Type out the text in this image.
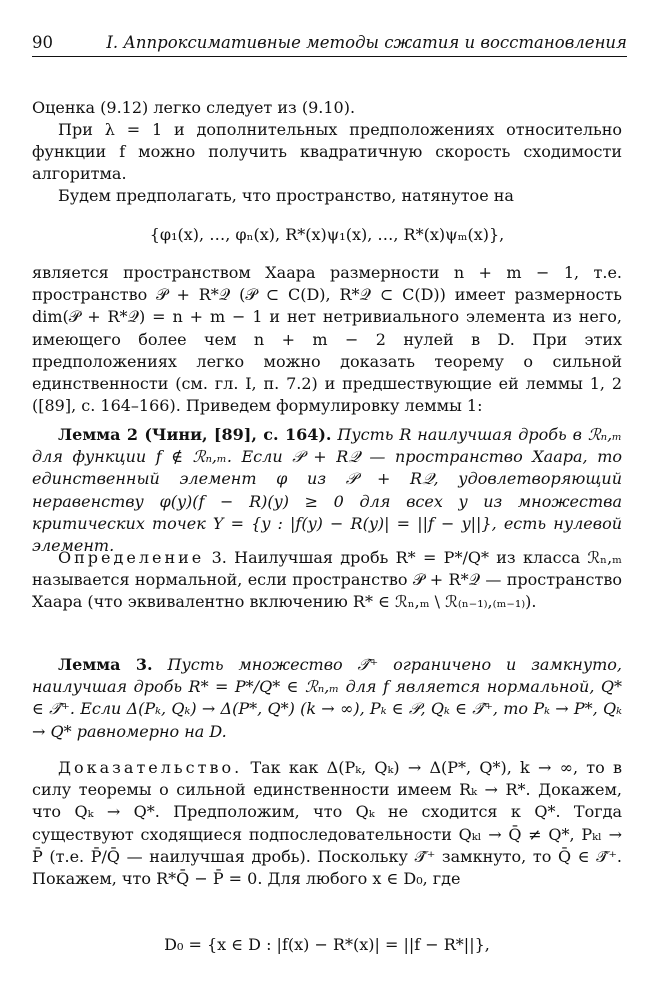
90	I. Аппроксимативные методы сжатия и восстановления

Оценка (9.12) легко следует из (9.10).

При λ = 1 и дополнительных предположениях относительно функции f можно получить квадратичную скорость сходимости алгоритма.

Будем предполагать, что пространство, натянутое на

{φ₁(x), …, φₙ(x), R*(x)ψ₁(x), …, R*(x)ψₘ(x)},

является пространством Хаара размерности n + m − 1, т.е. пространство 𝒫 + R*𝒬 (𝒫 ⊂ C(D), R*𝒬 ⊂ C(D)) имеет размерность dim(𝒫 + R*𝒬) = n + m − 1 и нет нетривиального элемента из него, имеющего более чем n + m − 2 нулей в D. При этих предположениях легко можно доказать теорему о сильной единственности (см. гл. I, п. 7.2) и предшествующие ей леммы 1, 2 ([89], с. 164–166). Приведем формулировку леммы 1:

Лемма 2 (Чини, [89], с. 164). Пусть R наилучшая дробь в ℛₙ,ₘ для функции f ∉ ℛₙ,ₘ. Если 𝒫 + R𝒬 — пространство Хаара, то единственный элемент φ из 𝒫 + R𝒬, удовлетворяющий неравенству φ(y)(f − R)(y) ≥ 0 для всех y из множества критических точек Y = {y : |f(y) − R(y)| = ||f − y||}, есть нулевой элемент.

Определение 3. Наилучшая дробь R* = P*/Q* из класса ℛₙ,ₘ называется нормальной, если пространство 𝒫 + R*𝒬 — пространство Хаара (что эквивалентно включению R* ∈ ℛₙ,ₘ \ ℛ₍ₙ₋₁₎,₍ₘ₋₁₎).

Лемма 3. Пусть множество 𝒯̂⁺ ограничено и замкнуто, наилучшая дробь R* = P*/Q* ∈ ℛₙ,ₘ для f является нормальной, Q* ∈ 𝒯̂⁺. Если Δ(Pₖ, Qₖ) → Δ(P*, Q*) (k → ∞), Pₖ ∈ 𝒫, Qₖ ∈ 𝒯̂⁺, то Pₖ → P*, Qₖ → Q* равномерно на D.

Доказательство. Так как Δ(Pₖ, Qₖ) → Δ(P*, Q*), k → ∞, то в силу теоремы о сильной единственности имеем Rₖ → R*. Докажем, что Qₖ → Q*. Предположим, что Qₖ не сходится к Q*. Тогда существуют сходящиеся подпоследовательности Qₖₗ → Q̄ ≠ Q*, Pₖₗ → P̄ (т.е. P̄/Q̄ — наилучшая дробь). Поскольку 𝒯̂⁺ замкнуто, то Q̄ ∈ 𝒯̂⁺. Покажем, что R*Q̄ − P̄ = 0. Для любого x ∈ D₀, где

D₀ = {x ∈ D : |f(x) − R*(x)| = ||f − R*||},
